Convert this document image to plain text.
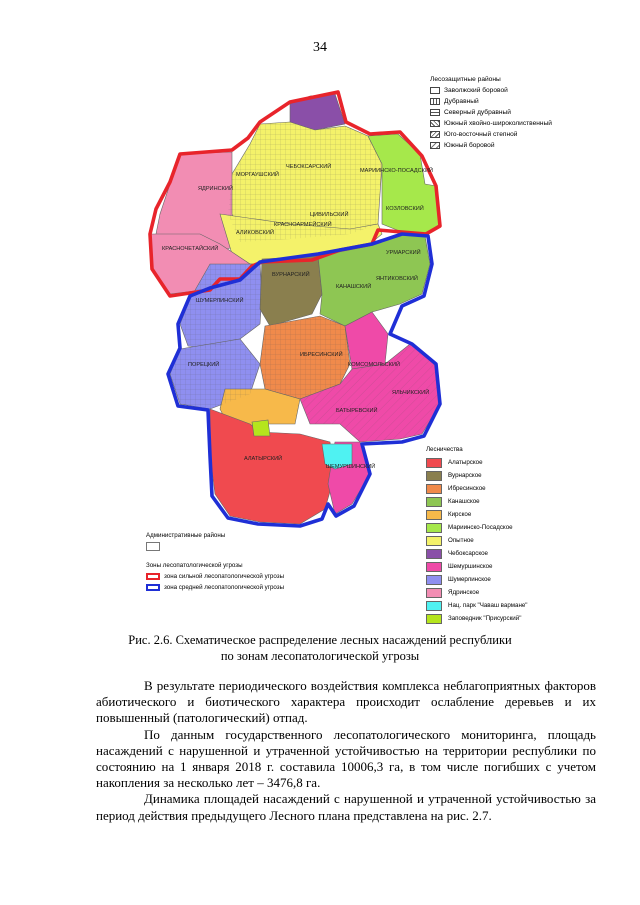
34
МОРГАУШСКИЙ
ЧЕБОКСАРСКИЙ
МАРИИНСКО-ПОСАДСКИЙ
ЯДРИНСКИЙ
ЦИВИЛЬСКИЙ
КОЗЛОВСКИЙ
АЛИКОВСКИЙ
КРАСНОАРМЕЙСКИЙ
КРАСНОЧЕТАЙСКИЙ
УРМАРСКИЙ
ВУРНАРСКИЙ
КАНАШСКИЙ
ЯНТИКОВСКИЙ
ШУМЕРЛИНСКИЙ
ИБРЕСИНСКИЙ
КОМСОМОЛЬСКИЙ
ПОРЕЦКИЙ
ЯЛЬЧИКСКИЙ
БАТЫРЕВСКИЙ
АЛАТЫРСКИЙ
ШЕМУРШИНСКИЙ
Лесозащитные районы
Заволжский боровой
Дубравный
Северный дубравный
Южный хвойно-широколиственный
Юго-восточный степной
Южный боровой
Лесничества
Алатырское
Вурнарское
Ибресинское
Канашское
Кирское
Мариинско-Посадское
Опытное
Чебоксарское
Шемуршинское
Шумерлинское
Ядринское
Нац. парк "Чаваш вармане"
Заповедник "Присурский"
Административные районы
Зоны лесопатологической угрозы
зона сильной лесопатологической угрозы
зона средней лесопатологической угрозы
Рис. 2.6. Схематическое распределение лесных насаждений республики
по зонам лесопатологической угрозы

В результате периодического воздействия комплекса неблагоприятных факторов абиотического и биотического характера происходит ослабление деревьев и их повышенный (патологический) отпад.

По данным государственного лесопатологического мониторинга, площадь насаждений с нарушенной и утраченной устойчивостью на территории республики по состоянию на 1 января 2018 г. составила 10006,3 га, в том числе погибших с учетом накопления за несколько лет – 3476,8 га.

Динамика площадей насаждений с нарушенной и утраченной устойчивостью за период действия предыдущего Лесного плана представлена на рис. 2.7.
